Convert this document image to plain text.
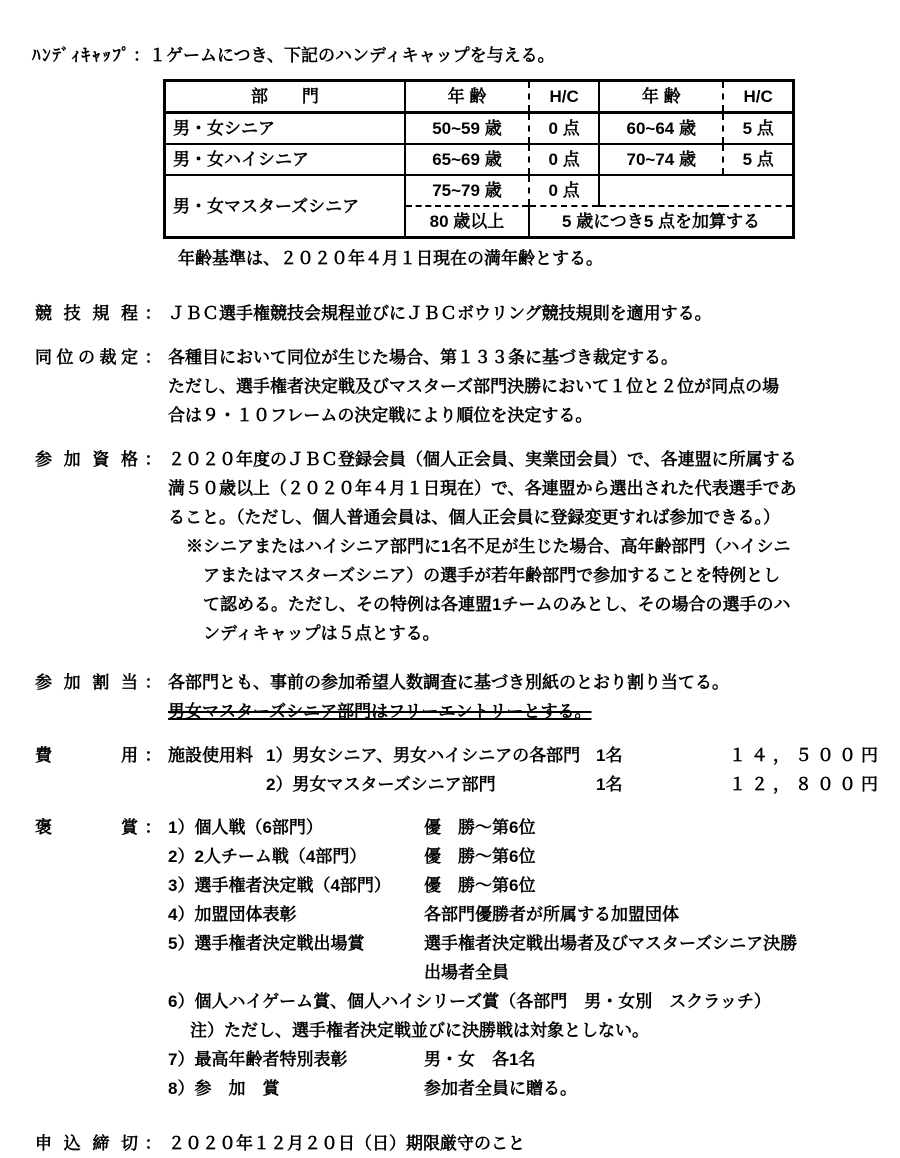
ﾊﾝﾃﾞｨｷｬｯﾌﾟ ： １ゲームにつき、下記のハンディキャップを与える。
部　　門	年 齢	H/C	年 齢	H/C
男・女シニア	50~59 歳	0 点	60~64 歳	5 点
男・女ハイシニア	65~69 歳	0 点	70~74 歳	5 点
男・女マスターズシニア	75~79 歳	0 点		
	80 歳以上	5 歳につき5 点を加算する		
年齢基準は、２０２０年４月１日現在の満年齢とする。
競 技 規 程 ： ＪＢＣ選手権競技会規程並びにＪＢＣボウリング競技規則を適用する。
同位の裁定 ： 各種目において同位が生じた場合、第１３３条に基づき裁定する。
ただし、選手権者決定戦及びマスターズ部門決勝において１位と２位が同点の場
合は９・１０フレームの決定戦により順位を決定する。
参 加 資 格 ： ２０２０年度のＪＢＣ登録会員（個人正会員、実業団会員）で、各連盟に所属する
満５０歳以上（２０２０年４月１日現在）で、各連盟から選出された代表選手であ
ること。（ただし、個人普通会員は、個人正会員に登録変更すれば参加できる。）
※シニアまたはハイシニア部門に1名不足が生じた場合、高年齢部門（ハイシニ
アまたはマスターズシニア）の選手が若年齢部門で参加することを特例とし
て認める。ただし、その特例は各連盟1チームのみとし、その場合の選手のハ
ンディキャップは５点とする。
参 加 割 当 ： 各部門とも、事前の参加希望人数調査に基づき別紙のとおり割り当てる。
男女マスターズシニア部門はフリーエントリーとする。
費　　　　用 ： 施設使用料 1）男女シニア、男女ハイシニアの各部門 1名	１４，５００円
2）男女マスターズシニア部門	1名	１２，８００円
褒　　　　賞 ： 1）個人戦（6部門）	優　勝～第6位
2）2人チーム戦（4部門）	優　勝～第6位
3）選手権者決定戦（4部門）	優　勝～第6位
4）加盟団体表彰	各部門優勝者が所属する加盟団体
5）選手権者決定戦出場賞	選手権者決定戦出場者及びマスターズシニア決勝
出場者全員
6）個人ハイゲーム賞、個人ハイシリーズ賞（各部門　男・女別　スクラッチ）
注）ただし、選手権者決定戦並びに決勝戦は対象としない。
7）最高年齢者特別表彰	男・女　各1名
8）参　加　賞	参加者全員に贈る。
申 込 締 切 ： ２０２０年１２月２０日（日）期限厳守のこと
